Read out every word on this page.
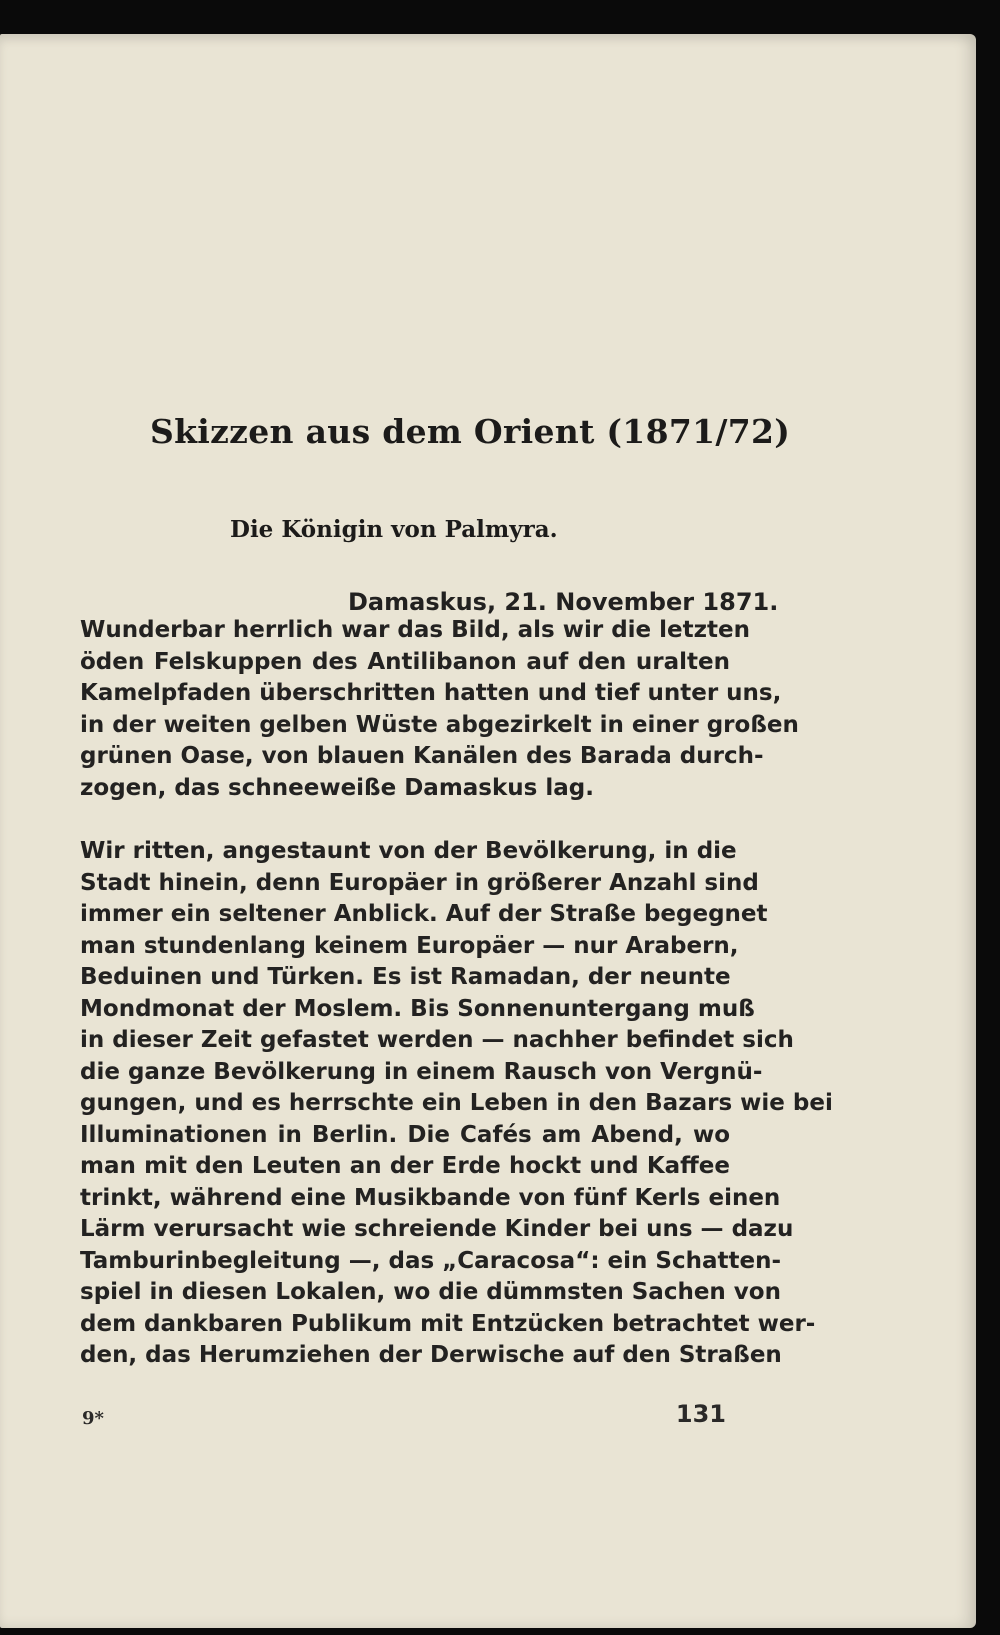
Skizzen aus dem Orient (1871/72)
Die Königin von Palmyra.
Damaskus, 21. November 1871.
Wunderbar herrlich war das Bild, als wir die letzten
öden Felskuppen des Antilibanon auf den uralten
Kamelpfaden überschritten hatten und tief unter uns,
in der weiten gelben Wüste abgezirkelt in einer großen
grünen Oase, von blauen Kanälen des Barada durch-
zogen, das schneeweiße Damaskus lag.
Wir ritten, angestaunt von der Bevölkerung, in die
Stadt hinein, denn Europäer in größerer Anzahl sind
immer ein seltener Anblick. Auf der Straße begegnet
man stundenlang keinem Europäer — nur Arabern,
Beduinen und Türken. Es ist Ramadan, der neunte
Mondmonat der Moslem. Bis Sonnenuntergang muß
in dieser Zeit gefastet werden — nachher befindet sich
die ganze Bevölkerung in einem Rausch von Vergnü-
gungen, und es herrschte ein Leben in den Bazars wie bei
Illuminationen in Berlin. Die Cafés am Abend, wo
man mit den Leuten an der Erde hockt und Kaffee
trinkt, während eine Musikbande von fünf Kerls einen
Lärm verursacht wie schreiende Kinder bei uns — dazu
Tamburinbegleitung —, das „Caracosa“: ein Schatten-
spiel in diesen Lokalen, wo die dümmsten Sachen von
dem dankbaren Publikum mit Entzücken betrachtet wer-
den, das Herumziehen der Derwische auf den Straßen
9*	131
